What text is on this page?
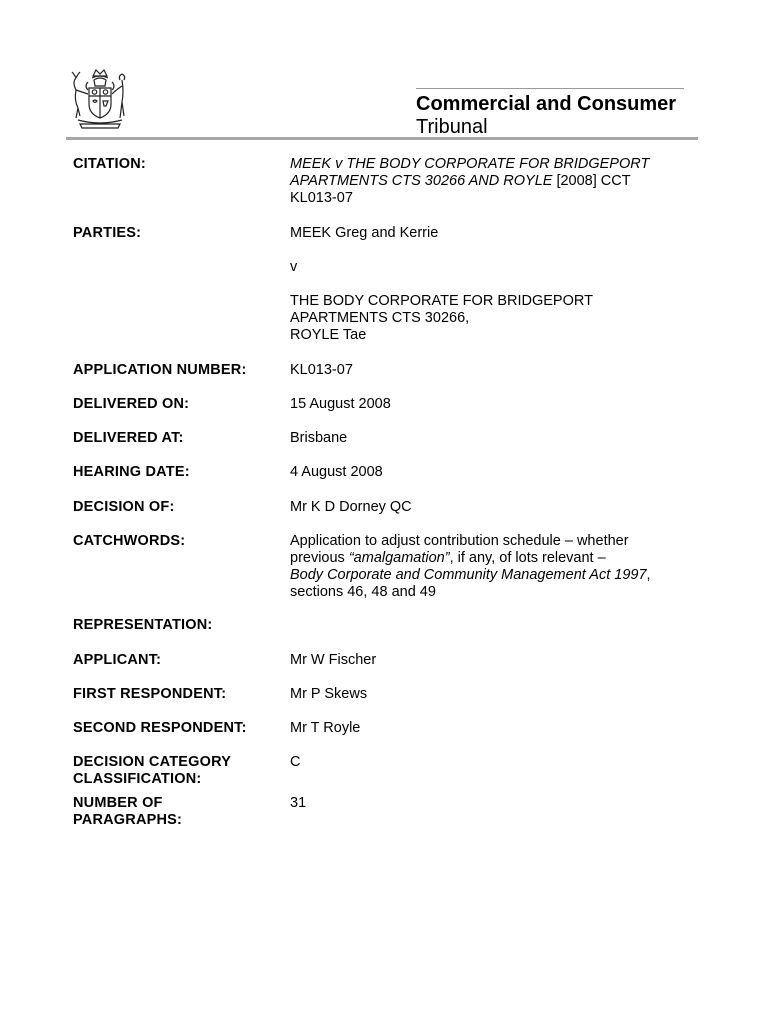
Commercial and Consumer
Tribunal
CITATION:	MEEK v THE BODY CORPORATE FOR BRIDGEPORT
APARTMENTS CTS 30266 AND ROYLE [2008] CCT
KL013-07
PARTIES:	MEEK Greg and Kerrie
v
THE BODY CORPORATE FOR BRIDGEPORT
APARTMENTS CTS 30266,
ROYLE Tae
APPLICATION NUMBER:	KL013-07
DELIVERED ON:	15 August 2008
DELIVERED AT:	Brisbane
HEARING DATE:	4 August 2008
DECISION OF:	Mr K D Dorney QC
CATCHWORDS:	Application to adjust contribution schedule – whether
previous “amalgamation”, if any, of lots relevant –
Body Corporate and Community Management Act 1997,
sections 46, 48 and 49
REPRESENTATION:
APPLICANT:	Mr W Fischer
FIRST RESPONDENT:	Mr P Skews
SECOND RESPONDENT:	Mr T Royle
DECISION CATEGORY
CLASSIFICATION:
C
NUMBER OF
PARAGRAPHS:
31
